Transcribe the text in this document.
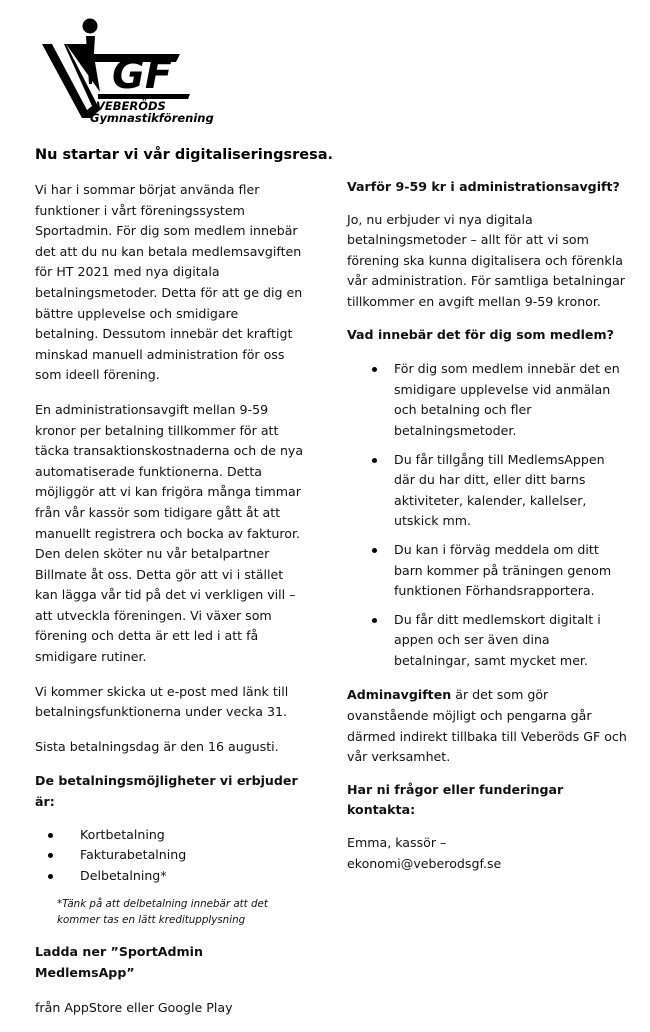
GF
VEBERÖDS
Gymnastikförening
Nu startar vi vår digitaliseringsresa.

Vi har i sommar börjat använda fler funktioner i vårt föreningssystem Sportadmin. För dig som medlem innebär det att du nu kan betala medlemsavgiften för HT 2021 med nya digitala betalningsmetoder. Detta för att ge dig en bättre upplevelse och smidigare betalning. Dessutom innebär det kraftigt minskad manuell administration för oss som ideell förening.

En administrationsavgift mellan 9-59 kronor per betalning tillkommer för att täcka transaktionskostnaderna och de nya automatiserade funktionerna. Detta möjliggör att vi kan frigöra många timmar från vår kassör som tidigare gått åt att manuellt registrera och bocka av fakturor. Den delen sköter nu vår betalpartner Billmate åt oss. Detta gör att vi i stället kan lägga vår tid på det vi verkligen vill – att utveckla föreningen. Vi växer som förening och detta är ett led i att få smidigare rutiner.

Vi kommer skicka ut e-post med länk till betalningsfunktionerna under vecka 31.

Sista betalningsdag är den 16 augusti.

De betalningsmöjligheter vi erbjuder är:

Kortbetalning
Fakturabetalning
Delbetalning*
*Tänk på att delbetalning innebär att det kommer tas en lätt kreditupplysning

Ladda ner ”SportAdmin MedlemsApp”

från AppStore eller Google Play

Varför 9-59 kr i administrationsavgift?

Jo, nu erbjuder vi nya digitala betalningsmetoder – allt för att vi som förening ska kunna digitalisera och förenkla vår administration. För samtliga betalningar tillkommer en avgift mellan 9-59 kronor.

Vad innebär det för dig som medlem?

För dig som medlem innebär det en smidigare upplevelse vid anmälan och betalning och fler betalningsmetoder.
Du får tillgång till MedlemsAppen där du har ditt, eller ditt barns aktiviteter, kalender, kallelser, utskick mm.
Du kan i förväg meddela om ditt barn kommer på träningen genom funktionen Förhandsrapportera.
Du får ditt medlemskort digitalt i appen och ser även dina betalningar, samt mycket mer.

Adminavgiften är det som gör ovanstående möjligt och pengarna går därmed indirekt tillbaka till Veberöds GF och vår verksamhet.

Har ni frågor eller funderingar kontakta:

Emma, kassör –
ekonomi@veberodsgf.se
